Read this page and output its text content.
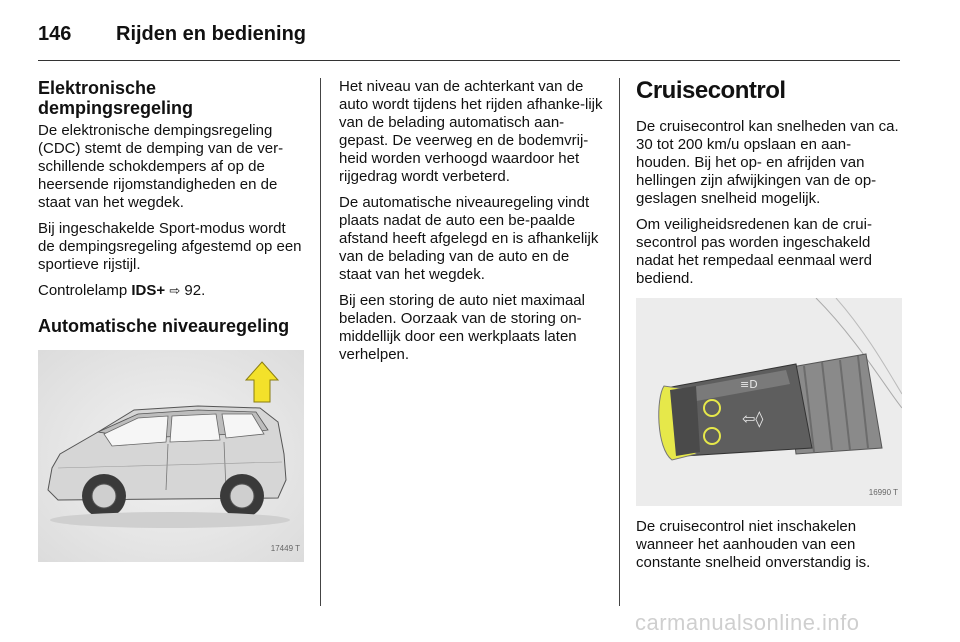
146	Rijden en bediening
Elektronische dempingsregeling

De elektronische dempingsregeling (CDC) stemt de demping van de ver-schillende schokdempers af op de heersende rijomstandigheden en de staat van het wegdek.

Bij ingeschakelde Sport-modus wordt de dempingsregeling afgestemd op een sportieve rijstijl.

Controlelamp IDS+ ⇨ 92.

Automatische niveauregeling
17449 T

Het niveau van de achterkant van de auto wordt tijdens het rijden afhanke-lijk van de belading automatisch aan-gepast. De veerweg en de bodemvrij-heid worden verhoogd waardoor het rijgedrag wordt verbeterd.

De automatische niveauregeling vindt plaats nadat de auto een be-paalde afstand heeft afgelegd en is afhankelijk van de belading van de auto en de staat van het wegdek.

Bij een storing de auto niet maximaal beladen. Oorzaak van de storing on-middellijk door een werkplaats laten verhelpen.

Cruisecontrol

De cruisecontrol kan snelheden van ca. 30 tot 200 km/u opslaan en aan-houden. Bij het op- en afrijden van hellingen zijn afwijkingen van de op-geslagen snelheid mogelijk.

Om veiligheidsredenen kan de crui-secontrol pas worden ingeschakeld nadat het rempedaal eenmaal werd bediend.

⇦◊
≡D
16990 T

De cruisecontrol niet inschakelen wanneer het aanhouden van een constante snelheid onverstandig is.

carmanualsonline.info
